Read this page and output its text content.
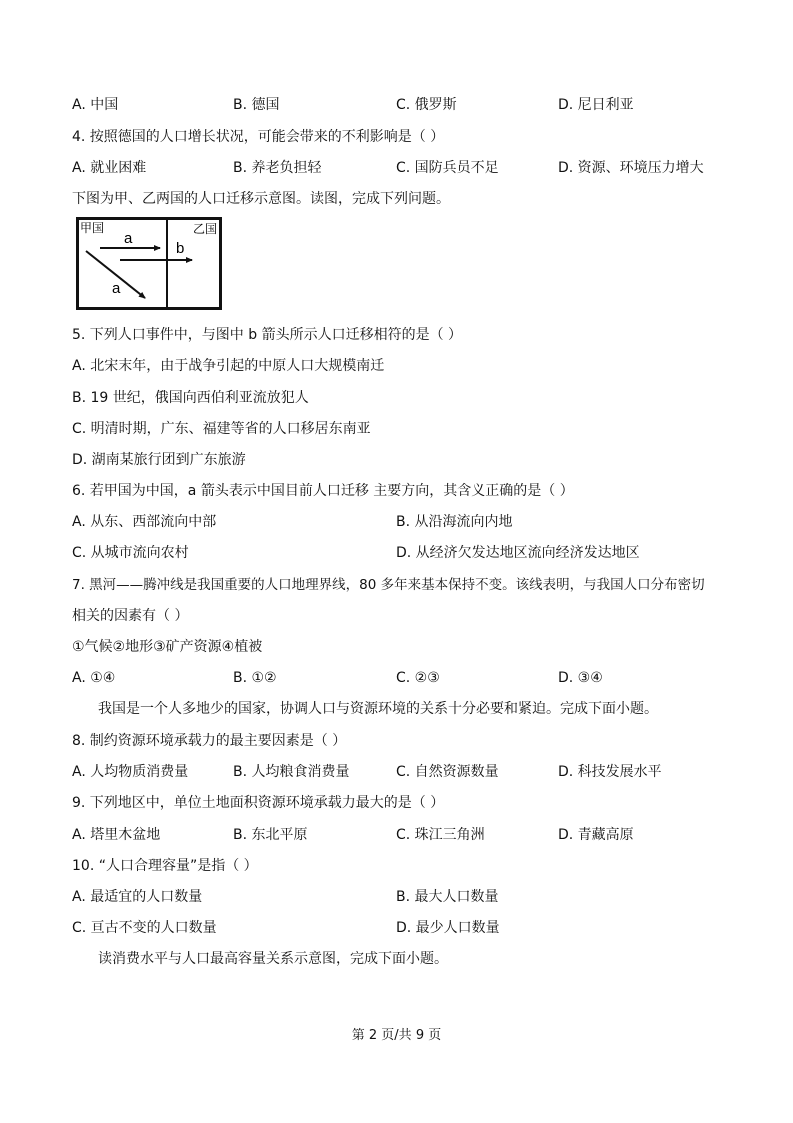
A. 中国	B. 德国	C. 俄罗斯	D. 尼日利亚
4. 按照德国的人口增长状况，可能会带来的不利影响是（ ）
A. 就业困难	B. 养老负担轻	C. 国防兵员不足	D. 资源、环境压力增大
下图为甲、乙两国的人口迁移示意图。读图，完成下列问题。
甲国	乙国
a
b
a
5. 下列人口事件中，与图中 b 箭头所示人口迁移相符的是（ ）
A. 北宋末年，由于战争引起的中原人口大规模南迁
B. 19 世纪，俄国向西伯利亚流放犯人
C. 明清时期，广东、福建等省的人口移居东南亚
D. 湖南某旅行团到广东旅游
6. 若甲国为中国，a 箭头表示中国目前人口迁移 主要方向，其含义正确的是（ ）
A. 从东、西部流向中部	B. 从沿海流向内地
C. 从城市流向农村	D. 从经济欠发达地区流向经济发达地区
7. 黑河——腾冲线是我国重要的人口地理界线，80 多年来基本保持不变。该线表明，与我国人口分布密切
相关的因素有（ ）
①气候②地形③矿产资源④植被
A. ①④	B. ①②	C. ②③	D. ③④
我国是一个人多地少的国家，协调人口与资源环境的关系十分必要和紧迫。完成下面小题。
8. 制约资源环境承载力的最主要因素是（ ）
A. 人均物质消费量	B. 人均粮食消费量	C. 自然资源数量	D. 科技发展水平
9. 下列地区中，单位土地面积资源环境承载力最大的是（ ）
A. 塔里木盆地	B. 东北平原	C. 珠江三角洲	D. 青藏高原
10. “人口合理容量”是指（ ）
A. 最适宜的人口数量	B. 最大人口数量
C. 亘古不变的人口数量	D. 最少人口数量
读消费水平与人口最高容量关系示意图，完成下面小题。
第 2 页/共 9 页
